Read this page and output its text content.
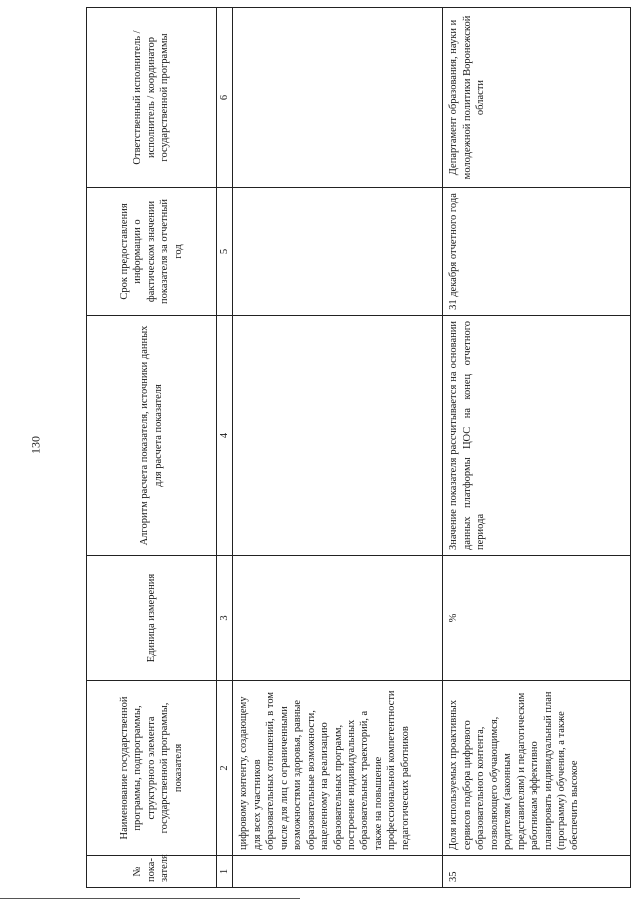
130
№ пока-зателя	Наименование государственной программы, подпрограммы, структурного элемента государственной программы, показателя	Единица измерения	Алгоритм расчета показателя, источники данных для расчета показателя	Срок предоставления информации о фактическом значении показателя за отчетный год	Ответственный исполнитель / исполнитель / координатор государственной программы
1	2	3	4	5	6
	цифровому контенту, создающему для всех участников образовательных отношений, в том числе для лиц с ограниченными возможностями здоровья, равные образовательные возможности, нацеленному на реализацию образовательных программ, построение индивидуальных образовательных траекторий, а также на повышение профессиональной компетентности педагогических работников				
35	Доля используемых проактивных сервисов подбора цифрового образовательного контента, позволяющего обучающимся, родителям (законным представителям) и педагогическим работникам эффективно планировать индивидуальный план (программу) обучения, а также обеспечить высокое	%	Значение показателя рассчитывается на основании данных платформы ЦОС на конец отчетного периода	31 декабря отчетного года	Департамент образования, науки и молодежной политики Воронежской области
